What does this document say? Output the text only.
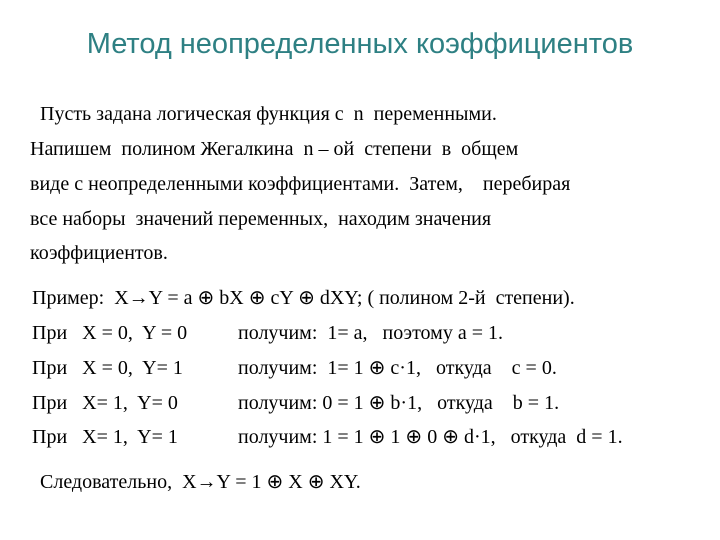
Метод неопределенных коэффициентов
Пусть задана логическая функция с  n  переменными.
Напишем  полином Жегалкина  n – ой  степени  в  общем
виде с неопределенными коэффициентами.  Затем,    перебирая
все наборы  значений переменных,  находим значения
коэффициентов.
Пример:  X→Y = a ⊕ bX ⊕ cY ⊕ dXY; ( полином 2-й  степени).
При   X = 0,  Y = 0	получим:  1= a,   поэтому a = 1.
При   X = 0,  Y= 1	получим:  1= 1 ⊕ c·1,   откуда    c = 0.
При   X= 1,  Y= 0	получим: 0 = 1 ⊕ b·1,   откуда    b = 1.
При   X= 1,  Y= 1	получим: 1 = 1 ⊕ 1 ⊕ 0 ⊕ d·1,   откуда  d = 1.
Следовательно,  X→Y = 1 ⊕ X ⊕ XY.
